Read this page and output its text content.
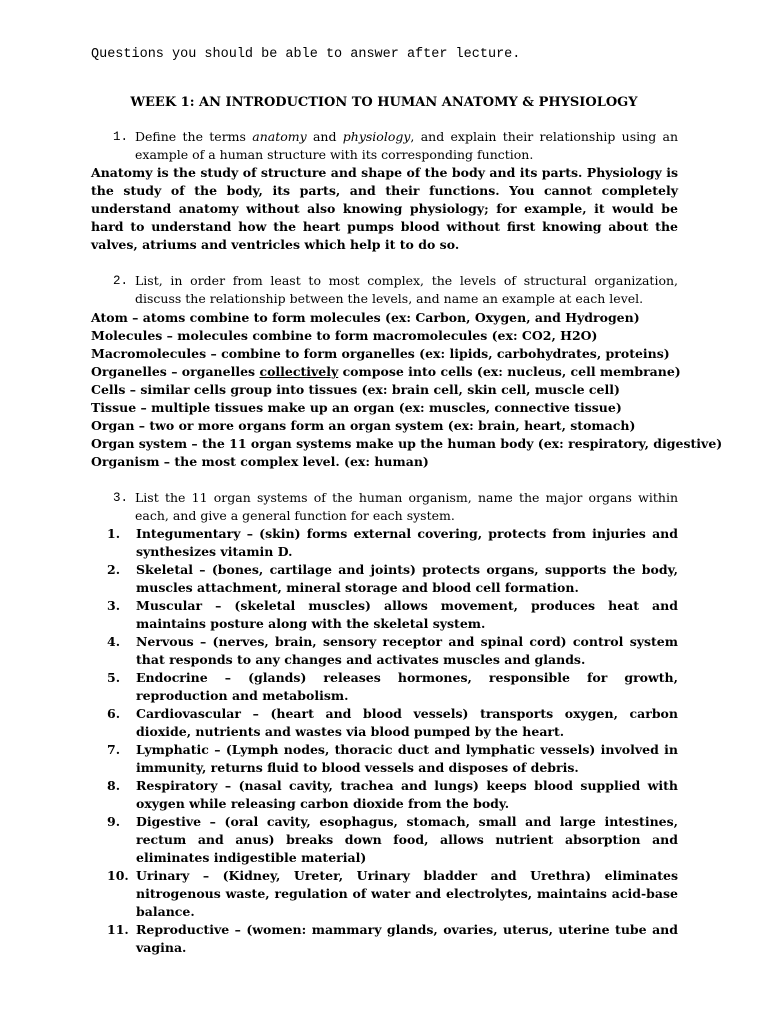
Questions you should be able to answer after lecture.
WEEK 1: AN INTRODUCTION TO HUMAN ANATOMY & PHYSIOLOGY
1. Define the terms anatomy and physiology, and explain their relationship using an example of a human structure with its corresponding function.
Anatomy is the study of structure and shape of the body and its parts. Physiology is the study of the body, its parts, and their functions. You cannot completely understand anatomy without also knowing physiology; for example, it would be hard to understand how the heart pumps blood without first knowing about the valves, atriums and ventricles which help it to do so.
2. List, in order from least to most complex, the levels of structural organization, discuss the relationship between the levels, and name an example at each level.
Atom – atoms combine to form molecules (ex: Carbon, Oxygen, and Hydrogen)
Molecules – molecules combine to form macromolecules (ex: CO2, H2O)
Macromolecules – combine to form organelles (ex: lipids, carbohydrates, proteins)
Organelles – organelles collectively compose into cells (ex: nucleus, cell membrane)
Cells – similar cells group into tissues (ex: brain cell, skin cell, muscle cell)
Tissue – multiple tissues make up an organ (ex: muscles, connective tissue)
Organ – two or more organs form an organ system (ex: brain, heart, stomach)
Organ system – the 11 organ systems make up the human body (ex: respiratory, digestive)
Organism – the most complex level. (ex: human)
3. List the 11 organ systems of the human organism, name the major organs within each, and give a general function for each system.
1. Integumentary – (skin) forms external covering, protects from injuries and synthesizes vitamin D.
2. Skeletal – (bones, cartilage and joints) protects organs, supports the body, muscles attachment, mineral storage and blood cell formation.
3. Muscular – (skeletal muscles) allows movement, produces heat and maintains posture along with the skeletal system.
4. Nervous – (nerves, brain, sensory receptor and spinal cord) control system that responds to any changes and activates muscles and glands.
5. Endocrine – (glands) releases hormones, responsible for growth, reproduction and metabolism.
6. Cardiovascular – (heart and blood vessels) transports oxygen, carbon dioxide, nutrients and wastes via blood pumped by the heart.
7. Lymphatic – (Lymph nodes, thoracic duct and lymphatic vessels) involved in immunity, returns fluid to blood vessels and disposes of debris.
8. Respiratory – (nasal cavity, trachea and lungs) keeps blood supplied with oxygen while releasing carbon dioxide from the body.
9. Digestive – (oral cavity, esophagus, stomach, small and large intestines, rectum and anus) breaks down food, allows nutrient absorption and eliminates indigestible material)
10. Urinary – (Kidney, Ureter, Urinary bladder and Urethra) eliminates nitrogenous waste, regulation of water and electrolytes, maintains acid-base balance.
11. Reproductive – (women: mammary glands, ovaries, uterus, uterine tube and vagina.
